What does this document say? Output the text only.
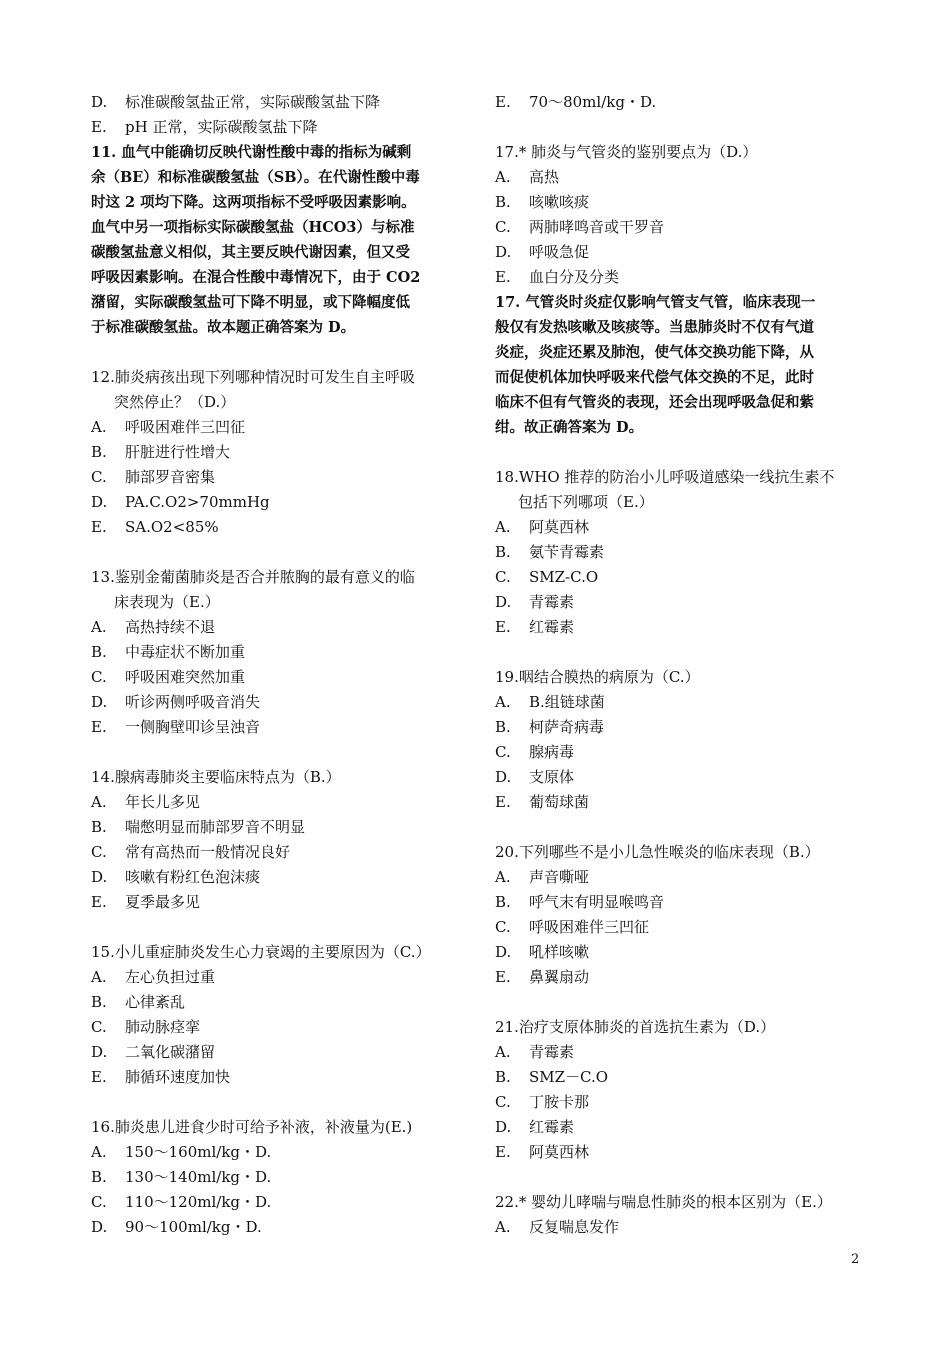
D. 标准碳酸氢盐正常，实际碳酸氢盐下降
E. pH 正常，实际碳酸氢盐下降
11. 血气中能确切反映代谢性酸中毒的指标为碱剩
余（BE）和标准碳酸氢盐（SB）。在代谢性酸中毒
时这 2 项均下降。这两项指标不受呼吸因素影响。
血气中另一项指标实际碳酸氢盐（HCO3）与标准
碳酸氢盐意义相似，其主要反映代谢因素，但又受
呼吸因素影响。在混合性酸中毒情况下，由于 CO2
潴留，实际碳酸氢盐可下降不明显，或下降幅度低
于标准碳酸氢盐。故本题正确答案为 D。
12.肺炎病孩出现下列哪种情况时可发生自主呼吸
突然停止？（D.）
A. 呼吸困难伴三凹征
B. 肝脏进行性增大
C. 肺部罗音密集
D. PA.C.O2>70mmHg
E. SA.O2<85%
13.鉴别金葡菌肺炎是否合并脓胸的最有意义的临
床表现为（E.）
A. 高热持续不退
B. 中毒症状不断加重
C. 呼吸困难突然加重
D. 听诊两侧呼吸音消失
E. 一侧胸壁叩诊呈浊音
14.腺病毒肺炎主要临床特点为（B.）
A. 年长儿多见
B. 喘憋明显而肺部罗音不明显
C. 常有高热而一般情况良好
D. 咳嗽有粉红色泡沫痰
E. 夏季最多见
15.小儿重症肺炎发生心力衰竭的主要原因为（C.）
A. 左心负担过重
B. 心律紊乱
C. 肺动脉痉挛
D. 二氧化碳潴留
E. 肺循环速度加快
16.肺炎患儿进食少时可给予补液，补液量为(E.)
A. 150～160ml/kg・D.
B. 130～140ml/kg・D.
C. 110～120ml/kg・D.
D. 90～100ml/kg・D.
E. 70～80ml/kg・D.
17.* 肺炎与气管炎的鉴别要点为（D.）
A. 高热
B. 咳嗽咳痰
C. 两肺哮鸣音或干罗音
D. 呼吸急促
E. 血白分及分类
17. 气管炎时炎症仅影响气管支气管，临床表现一
般仅有发热咳嗽及咳痰等。当患肺炎时不仅有气道
炎症，炎症还累及肺泡，使气体交换功能下降，从
而促使机体加快呼吸来代偿气体交换的不足，此时
临床不但有气管炎的表现，还会出现呼吸急促和紫
绀。故正确答案为 D。
18.WHO 推荐的防治小儿呼吸道感染一线抗生素不
包括下列哪项（E.）
A. 阿莫西林
B. 氨苄青霉素
C. SMZ-C.O
D. 青霉素
E. 红霉素
19.咽结合膜热的病原为（C.）
A. B.组链球菌
B. 柯萨奇病毒
C. 腺病毒
D. 支原体
E. 葡萄球菌
20.下列哪些不是小儿急性喉炎的临床表现（B.）
A. 声音嘶哑
B. 呼气末有明显喉鸣音
C. 呼吸困难伴三凹征
D. 吼样咳嗽
E. 鼻翼扇动
21.治疗支原体肺炎的首选抗生素为（D.）
A. 青霉素
B. SMZ－C.O
C. 丁胺卡那
D. 红霉素
E. 阿莫西林
22.* 婴幼儿哮喘与喘息性肺炎的根本区别为（E.）
A. 反复喘息发作
2
